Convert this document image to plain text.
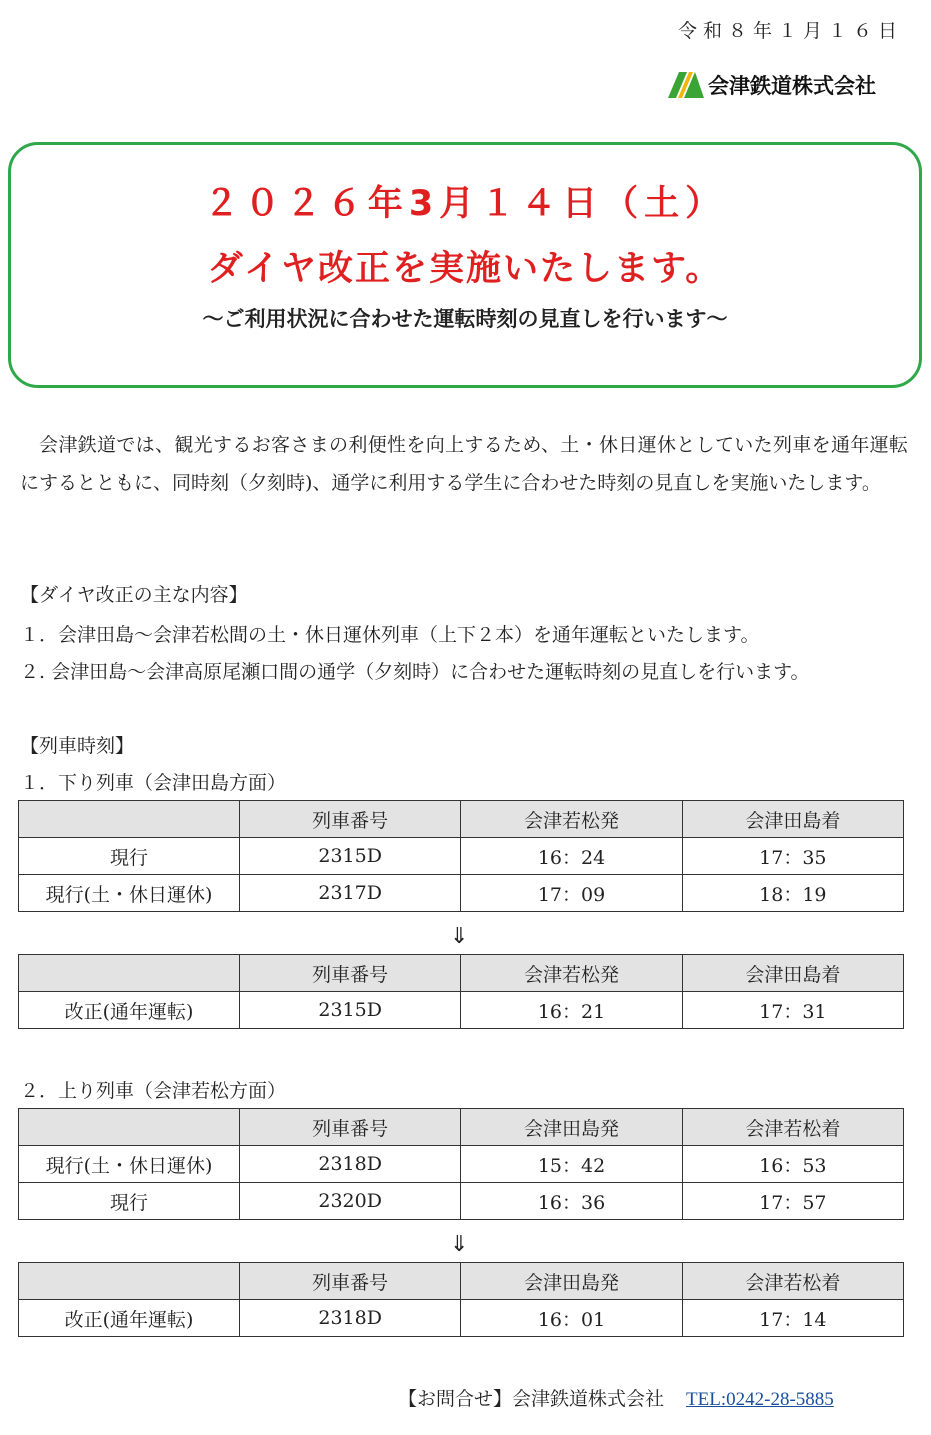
令和８年１月１６日
会津鉄道株式会社
２０２６年3月１４日（土）
ダイヤ改正を実施いたします。
～ご利用状況に合わせた運転時刻の見直しを行います～
会津鉄道では、観光するお客さまの利便性を向上するため、土・休日運休としていた列車を通年運転にするとともに、同時刻（夕刻時)、通学に利用する学生に合わせた時刻の見直しを実施いたします。
【ダイヤ改正の主な内容】
１．会津田島～会津若松間の土・休日運休列車（上下２本）を通年運転といたします。
２. 会津田島～会津高原尾瀬口間の通学（夕刻時）に合わせた運転時刻の見直しを行います。
【列車時刻】
１．下り列車（会津田島方面）
	列車番号	会津若松発	会津田島着
現行	2315D	16：24	17：35
現行(土・休日運休)	2317D	17：09	18：19
⇓
	列車番号	会津若松発	会津田島着
改正(通年運転)	2315D	16：21	17：31
２．上り列車（会津若松方面）
	列車番号	会津田島発	会津若松着
現行(土・休日運休)	2318D	15：42	16：53
現行	2320D	16：36	17：57
⇓
	列車番号	会津田島発	会津若松着
改正(通年運転)	2318D	16：01	17：14
【お問合せ】会津鉄道株式会社 TEL:0242-28-5885
